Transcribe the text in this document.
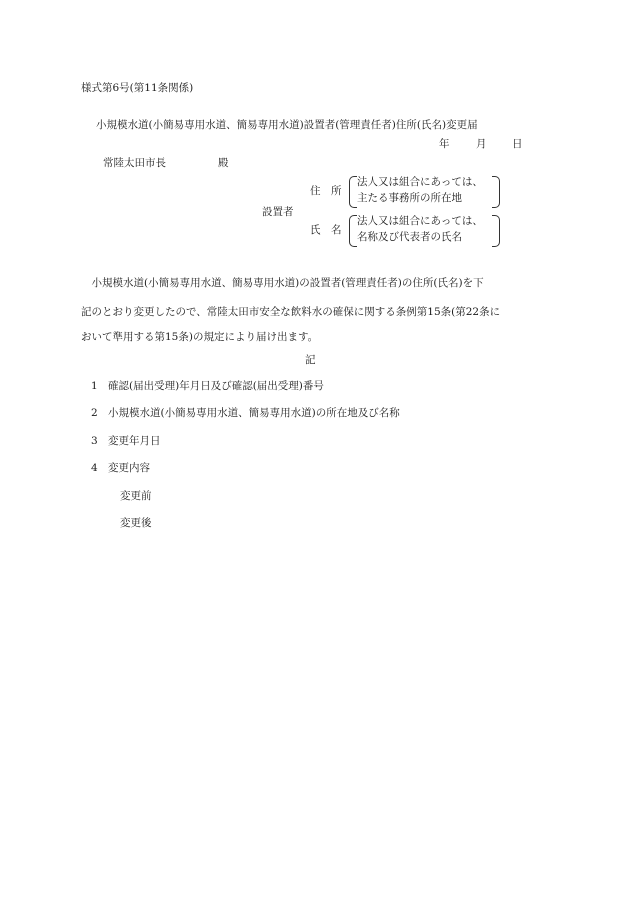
様式第6号(第11条関係)
小規模水道(小簡易専用水道、簡易専用水道)設置者(管理責任者)住所(氏名)変更届
年	月 日
常陸太田市長	殿
設置者
住　所
法人又は組合にあっては、
主たる事務所の所在地
氏　名
法人又は組合にあっては、
名称及び代表者の氏名
　小規模水道(小簡易専用水道、簡易専用水道)の設置者(管理責任者)の住所(氏名)を下
記のとおり変更したので、常陸太田市安全な飲料水の確保に関する条例第15条(第22条に
おいて準用する第15条)の規定により届け出ます。
記
1 確認(届出受理)年月日及び確認(届出受理)番号
2 小規模水道(小簡易専用水道、簡易専用水道)の所在地及び名称
3 変更年月日
4 変更内容
変更前
変更後
